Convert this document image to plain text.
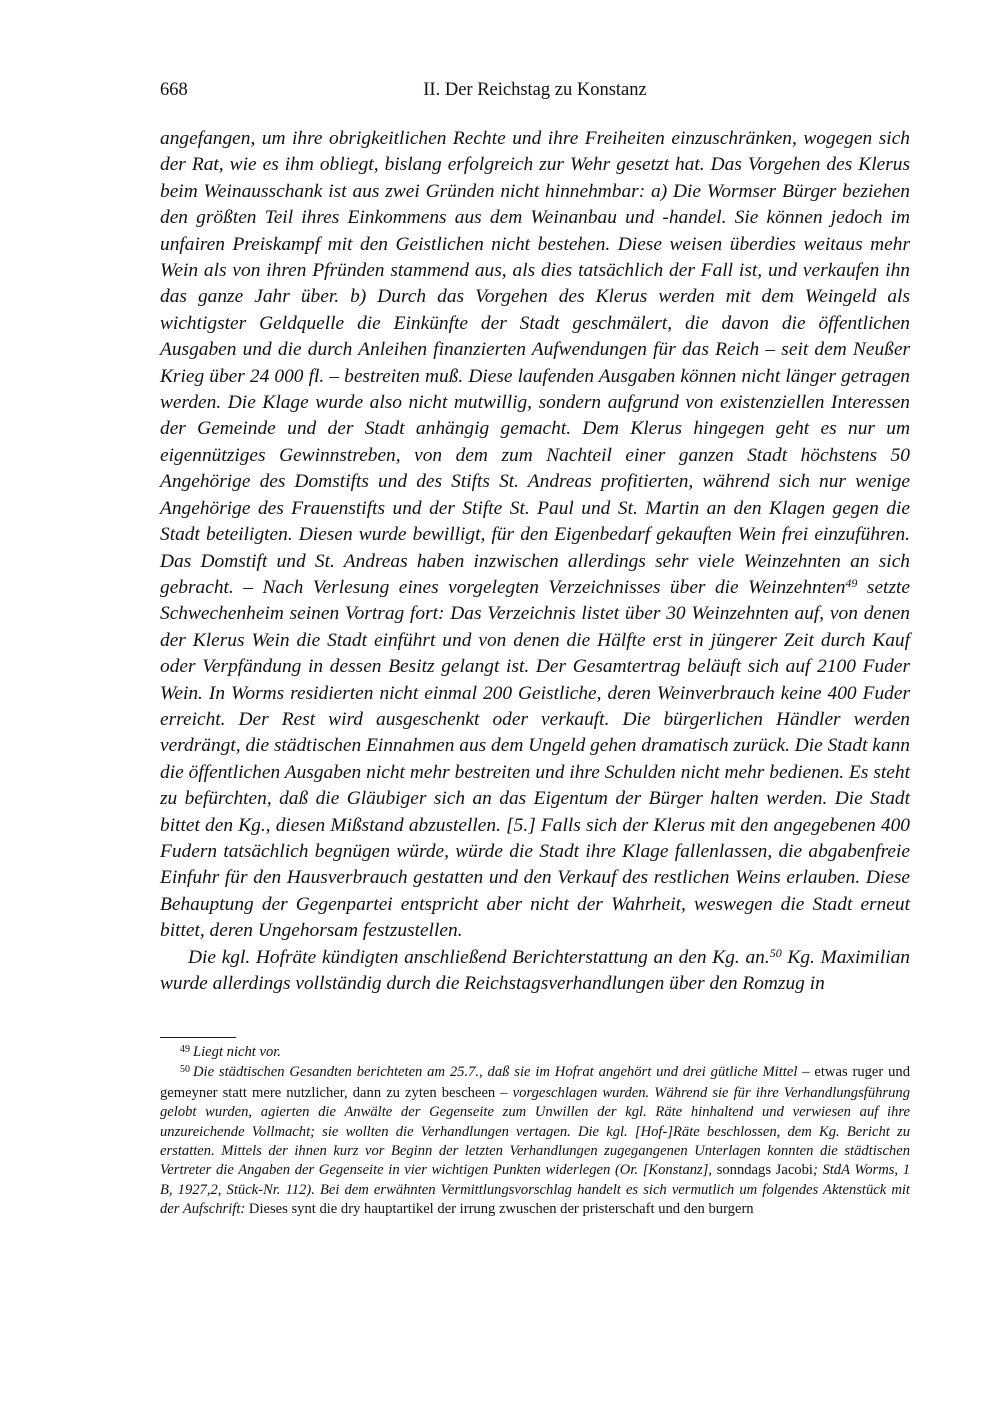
668	II. Der Reichstag zu Konstanz

angefangen, um ihre obrigkeitlichen Rechte und ihre Freiheiten einzuschränken, wogegen sich der Rat, wie es ihm obliegt, bislang erfolgreich zur Wehr gesetzt hat. Das Vorgehen des Klerus beim Weinausschank ist aus zwei Gründen nicht hinnehmbar: a) Die Wormser Bürger beziehen den größten Teil ihres Einkommens aus dem Weinanbau und -handel. Sie können jedoch im unfairen Preiskampf mit den Geistlichen nicht bestehen. Diese weisen überdies weitaus mehr Wein als von ihren Pfründen stammend aus, als dies tatsächlich der Fall ist, und verkaufen ihn das ganze Jahr über. b) Durch das Vorgehen des Klerus werden mit dem Weingeld als wichtigster Geldquelle die Einkünfte der Stadt geschmälert, die davon die öffentlichen Ausgaben und die durch Anleihen finanzierten Aufwendungen für das Reich – seit dem Neußer Krieg über 24 000 fl. – bestreiten muß. Diese laufenden Ausgaben können nicht länger getragen werden. Die Klage wurde also nicht mutwillig, sondern aufgrund von existenziellen Interessen der Gemeinde und der Stadt anhängig gemacht. Dem Klerus hingegen geht es nur um eigennütziges Gewinnstreben, von dem zum Nachteil einer ganzen Stadt höchstens 50 Angehörige des Domstifts und des Stifts St. Andreas profitierten, während sich nur wenige Angehörige des Frauenstifts und der Stifte St. Paul und St. Martin an den Klagen gegen die Stadt beteiligten. Diesen wurde bewilligt, für den Eigenbedarf gekauften Wein frei einzuführen. Das Domstift und St. Andreas haben inzwischen allerdings sehr viele Weinzehnten an sich gebracht. – Nach Verlesung eines vorgelegten Verzeichnisses über die Weinzehnten$^{49}$ setzte Schwechenheim seinen Vortrag fort: Das Verzeichnis listet über 30 Weinzehnten auf, von denen der Klerus Wein die Stadt einführt und von denen die Hälfte erst in jüngerer Zeit durch Kauf oder Verpfändung in dessen Besitz gelangt ist. Der Gesamtertrag beläuft sich auf 2100 Fuder Wein. In Worms residierten nicht einmal 200 Geistliche, deren Weinverbrauch keine 400 Fuder erreicht. Der Rest wird ausgeschenkt oder verkauft. Die bürgerlichen Händler werden verdrängt, die städtischen Einnahmen aus dem Ungeld gehen dramatisch zurück. Die Stadt kann die öffentlichen Ausgaben nicht mehr bestreiten und ihre Schulden nicht mehr bedienen. Es steht zu befürchten, daß die Gläubiger sich an das Eigentum der Bürger halten werden. Die Stadt bittet den Kg., diesen Mißstand abzustellen. [5.] Falls sich der Klerus mit den angegebenen 400 Fudern tatsächlich begnügen würde, würde die Stadt ihre Klage fallenlassen, die abgabenfreie Einfuhr für den Hausverbrauch gestatten und den Verkauf des restlichen Weins erlauben. Diese Behauptung der Gegenpartei entspricht aber nicht der Wahrheit, weswegen die Stadt erneut bittet, deren Ungehorsam festzustellen.

Die kgl. Hofräte kündigten anschließend Berichterstattung an den Kg. an.$^{50}$ Kg. Maximilian wurde allerdings vollständig durch die Reichstagsverhandlungen über den Romzug in

$^{49}$ Liegt nicht vor.

$^{50}$ Die städtischen Gesandten berichteten am 25.7., daß sie im Hofrat angehört und drei gütliche Mittel – etwas ruger und gemeyner statt mere nutzlicher, dann zu zyten bescheen – vorgeschlagen wurden. Während sie für ihre Verhandlungsführung gelobt wurden, agierten die Anwälte der Gegenseite zum Unwillen der kgl. Räte hinhaltend und verwiesen auf ihre unzureichende Vollmacht; sie wollten die Verhandlungen vertagen. Die kgl. [Hof-]Räte beschlossen, dem Kg. Bericht zu erstatten. Mittels der ihnen kurz vor Beginn der letzten Verhandlungen zugegangenen Unterlagen konnten die städtischen Vertreter die Angaben der Gegenseite in vier wichtigen Punkten widerlegen (Or. [Konstanz], sonndags Jacobi; StdA Worms, 1 B, 1927,2, Stück-Nr. 112). Bei dem erwähnten Vermittlungsvorschlag handelt es sich vermutlich um folgendes Aktenstück mit der Aufschrift: Dieses synt die dry hauptartikel der irrung zwuschen der pristerschaft und den burgern
